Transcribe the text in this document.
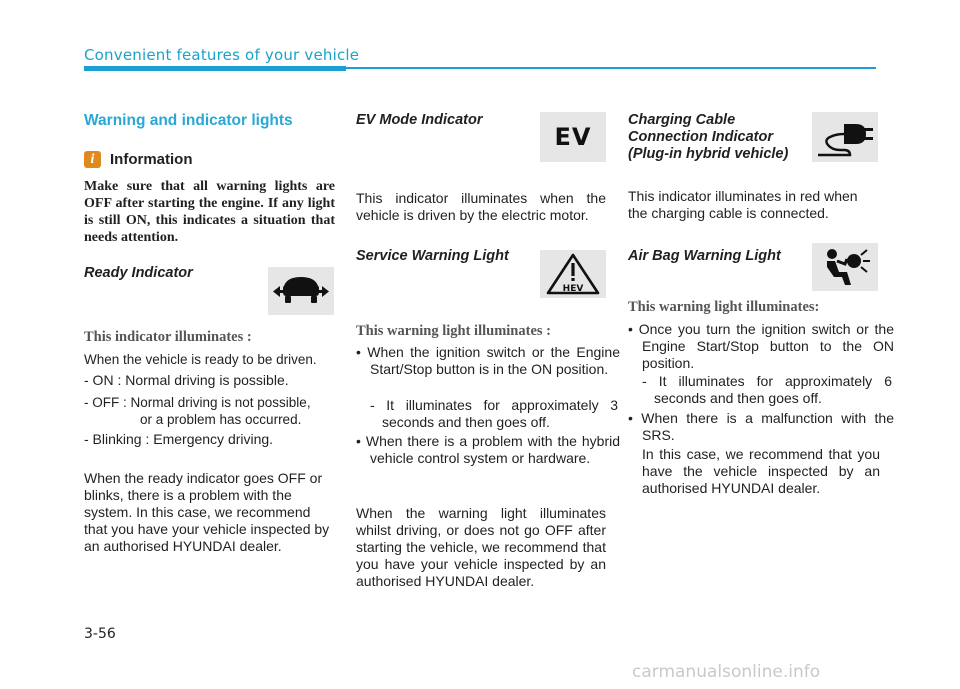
Convenient features of your vehicle
Warning and indicator lights
i	Information
Make sure that all warning lights are OFF after starting the engine. If any light is still ON, this indicates a situation that needs attention.
Ready Indicator
This indicator illuminates :
When the vehicle is ready to be driven.
- ON : Normal driving is possible.
- OFF : Normal driving is not possible,
or a problem has occurred.
- Blinking : Emergency driving.
When the ready indicator goes OFF or blinks, there is a problem with the system. In this case, we recommend that you have your vehicle inspected by an authorised HYUNDAI dealer.
EV Mode Indicator
EV
This indicator illuminates when the vehicle is driven by the electric motor.
Service Warning Light
HEV
This warning light illuminates :
• When the ignition switch or the Engine Start/Stop button is in the ON position.
- It illuminates for approximately 3 seconds and then goes off.
• When there is a problem with the hybrid vehicle control system or hardware.
When the warning light illuminates whilst driving, or does not go OFF after starting the vehicle, we recommend that you have your vehicle inspected by an authorised HYUNDAI dealer.
Charging Cable
Connection Indicator
(Plug-in hybrid vehicle)
This indicator illuminates in red when the charging cable is connected.
Air Bag Warning Light
This warning light illuminates:
• Once you turn the ignition switch or the Engine Start/Stop button to the ON position.
- It illuminates for approximately 6 seconds and then goes off.
• When there is a malfunction with the SRS.
In this case, we recommend that you have the vehicle inspected by an authorised HYUNDAI dealer.
3-56
carmanualsonline.info
